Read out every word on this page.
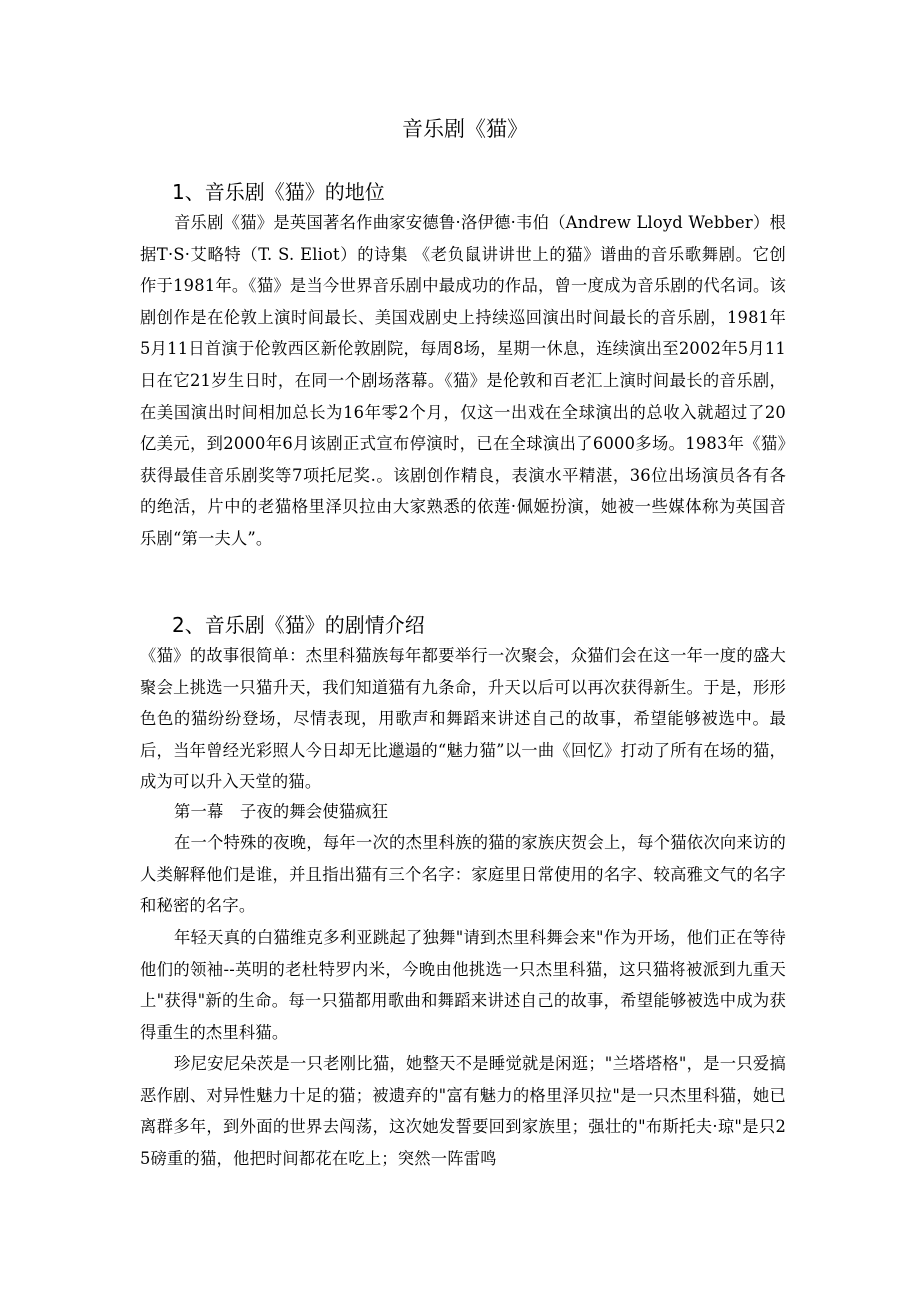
音乐剧《猫》
1、音乐剧《猫》的地位

音乐剧《猫》是英国著名作曲家安德鲁·洛伊德·韦伯（Andrew Lloyd Webber）根据T·S·艾略特（T. S. Eliot）的诗集 《老负鼠讲讲世上的猫》谱曲的音乐歌舞剧。它创作于1981年。《猫》是当今世界音乐剧中最成功的作品，曾一度成为音乐剧的代名词。该剧创作是在伦敦上演时间最长、美国戏剧史上持续巡回演出时间最长的音乐剧，1981年5月11日首演于伦敦西区新伦敦剧院，每周8场，星期一休息，连续演出至2002年5月11日在它21岁生日时，在同一个剧场落幕。《猫》是伦敦和百老汇上演时间最长的音乐剧，在美国演出时间相加总长为16年零2个月，仅这一出戏在全球演出的总收入就超过了20亿美元，到2000年6月该剧正式宣布停演时，已在全球演出了6000多场。1983年《猫》获得最佳音乐剧奖等7项托尼奖.。该剧创作精良，表演水平精湛，36位出场演员各有各的绝活，片中的老猫格里泽贝拉由大家熟悉的依莲·佩姬扮演，她被一些媒体称为英国音乐剧“第一夫人”。

2、音乐剧《猫》的剧情介绍

《猫》的故事很简单：杰里科猫族每年都要举行一次聚会，众猫们会在这一年一度的盛大聚会上挑选一只猫升天，我们知道猫有九条命，升天以后可以再次获得新生。于是，形形色色的猫纷纷登场，尽情表现，用歌声和舞蹈来讲述自己的故事，希望能够被选中。最后，当年曾经光彩照人今日却无比邋遢的“魅力猫”以一曲《回忆》打动了所有在场的猫，成为可以升入天堂的猫。

第一幕　子夜的舞会使猫疯狂

在一个特殊的夜晚，每年一次的杰里科族的猫的家族庆贺会上，每个猫依次向来访的人类解释他们是谁，并且指出猫有三个名字：家庭里日常使用的名字、较高雅文气的名字和秘密的名字。

年轻天真的白猫维克多利亚跳起了独舞"请到杰里科舞会来"作为开场，他们正在等待他们的领袖--英明的老杜特罗内米，今晚由他挑选一只杰里科猫，这只猫将被派到九重天上"获得"新的生命。每一只猫都用歌曲和舞蹈来讲述自己的故事，希望能够被选中成为获得重生的杰里科猫。

珍尼安尼朵茨是一只老刚比猫，她整天不是睡觉就是闲逛；"兰塔塔格"，是一只爱搞恶作剧、对异性魅力十足的猫；被遗弃的"富有魅力的格里泽贝拉"是一只杰里科猫，她已离群多年，到外面的世界去闯荡，这次她发誓要回到家族里；强壮的"布斯托夫·琼"是只25磅重的猫，他把时间都花在吃上；突然一阵雷鸣
